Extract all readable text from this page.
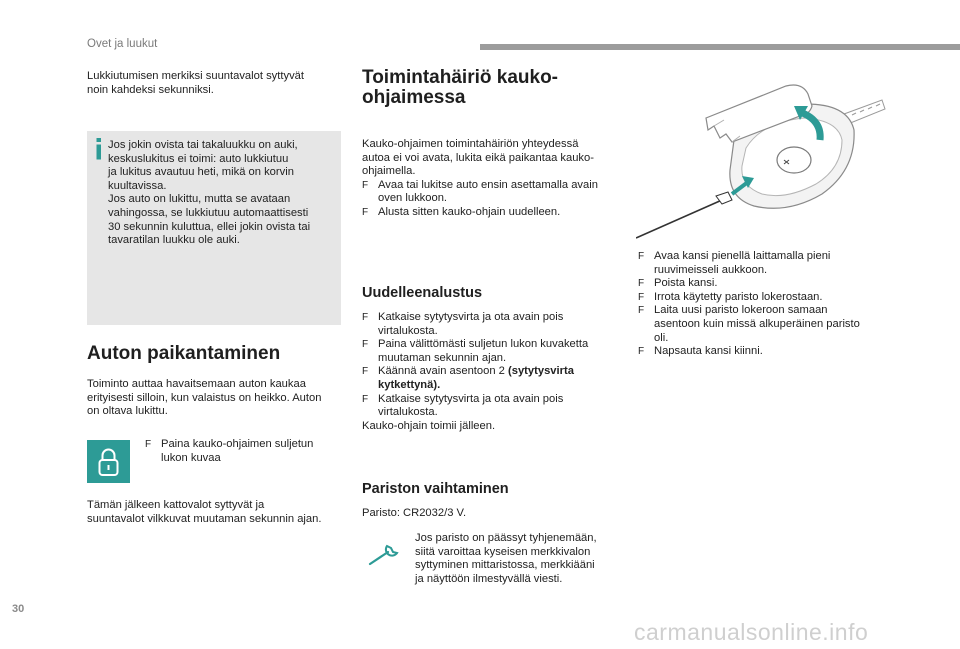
Ovet ja luukut

Lukkiutumisen merkiksi suuntavalot syttyvät

noin kahdeksi sekunniksi.

Jos jokin ovista tai takaluukku on auki,

keskuslukitus ei toimi: auto lukkiutuu

ja lukitus avautuu heti, mikä on korvin

kuultavissa.

Jos auto on lukittu, mutta se avataan

vahingossa, se lukkiutuu automaattisesti

30 sekunnin kuluttua, ellei jokin ovista tai

tavaratilan luukku ole auki.

Auton paikantaminen

Toiminto auttaa havaitsemaan auton kaukaa

erityisesti silloin, kun valaistus on heikko. Auton

on oltava lukittu.

F Paina kauko-ohjaimen suljetun
lukon kuvaa

Tämän jälkeen kattovalot syttyvät ja

suuntavalot vilkkuvat muutaman sekunnin ajan.

Toimintahäiriö kauko-
ohjaimessa

Kauko-ohjaimen toimintahäiriön yhteydessä

autoa ei voi avata, lukita eikä paikantaa kauko-

ohjaimella.

F Avaa tai lukitse auto ensin asettamalla avain
oven lukkoon.
F Alusta sitten kauko-ohjain uudelleen.
Uudelleenalustus
F Katkaise sytytysvirta ja ota avain pois
virtalukosta.
F Paina välittömästi suljetun lukon kuvaketta
muutaman sekunnin ajan.
F Käännä avain asentoon 2 (sytytysvirta
kytkettynä).
F Katkaise sytytysvirta ja ota avain pois
virtalukosta.

Kauko-ohjain toimii jälleen.

Pariston vaihtaminen

Paristo: CR2032/3 V.

Jos paristo on päässyt tyhjenemään,

siitä varoittaa kyseisen merkkivalon

syttyminen mittaristossa, merkkiääni

ja näyttöön ilmestyvällä viesti.

F Avaa kansi pienellä laittamalla pieni
ruuvimeisseli aukkoon.
F Poista kansi.
F Irrota käytetty paristo lokerostaan.
F Laita uusi paristo lokeroon samaan
asentoon kuin missä alkuperäinen paristo
oli.
F Napsauta kansi kiinni.
30
carmanualsonline.info
